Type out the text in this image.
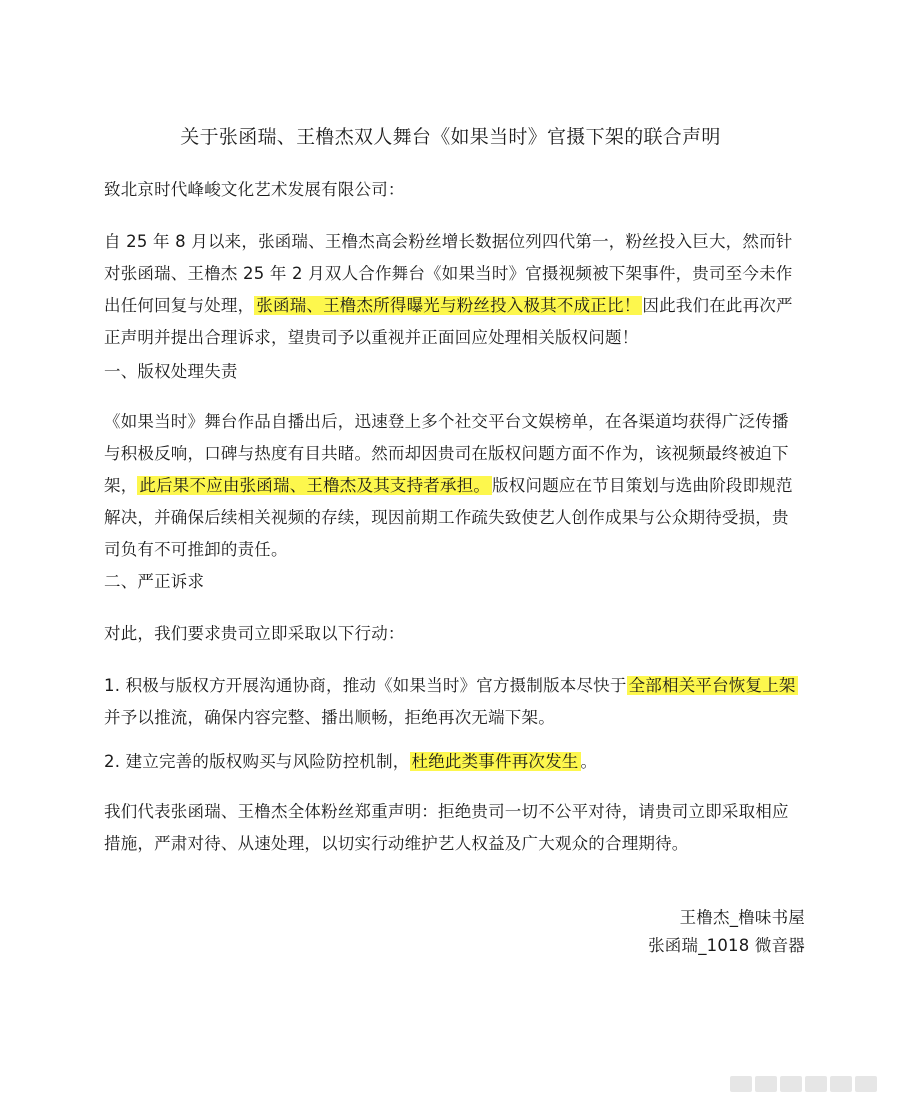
关于张函瑞、王橹杰双人舞台《如果当时》官摄下架的联合声明

致北京时代峰峻文化艺术发展有限公司：

自 25 年 8 月以来，张函瑞、王橹杰高会粉丝增长数据位列四代第一，粉丝投入巨大，然而针对张函瑞、王橹杰 25 年 2 月双人合作舞台《如果当时》官摄视频被下架事件，贵司至今未作出任何回复与处理， 张函瑞、王橹杰所得曝光与粉丝投入极其不成正比！ 因此我们在此再次严正声明并提出合理诉求，望贵司予以重视并正面回应处理相关版权问题！

一、版权处理失责

《如果当时》舞台作品自播出后，迅速登上多个社交平台文娱榜单，在各渠道均获得广泛传播与积极反响，口碑与热度有目共睹。然而却因贵司在版权问题方面不作为，该视频最终被迫下架， 此后果不应由张函瑞、王橹杰及其支持者承担。 版权问题应在节目策划与选曲阶段即规范解决，并确保后续相关视频的存续，现因前期工作疏失致使艺人创作成果与公众期待受损，贵司负有不可推卸的责任。

二、严正诉求

对此，我们要求贵司立即采取以下行动：

1. 积极与版权方开展沟通协商，推动《如果当时》官方摄制版本尽快于 全部相关平台恢复上架并予以推流，确保内容完整、播出顺畅，拒绝再次无端下架。

2. 建立完善的版权购买与风险防控机制， 杜绝此类事件再次发生 。

我们代表张函瑞、王橹杰全体粉丝郑重声明：拒绝贵司一切不公平对待，请贵司立即采取相应措施，严肃对待、从速处理，以切实行动维护艺人权益及广大观众的合理期待。

王橹杰_橹味书屋
张函瑞_1018 微音器
